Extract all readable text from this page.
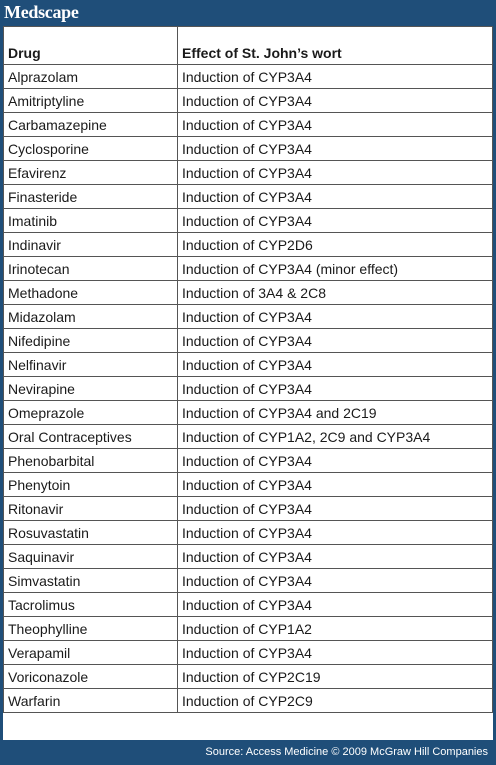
Medscape
Drug	Effect of St. John’s wort
Alprazolam	Induction of CYP3A4
Amitriptyline	Induction of CYP3A4
Carbamazepine	Induction of CYP3A4
Cyclosporine	Induction of CYP3A4
Efavirenz	Induction of CYP3A4
Finasteride	Induction of CYP3A4
Imatinib	Induction of CYP3A4
Indinavir	Induction of CYP2D6
Irinotecan	Induction of CYP3A4 (minor effect)
Methadone	Induction of 3A4 & 2C8
Midazolam	Induction of CYP3A4
Nifedipine	Induction of CYP3A4
Nelfinavir	Induction of CYP3A4
Nevirapine	Induction of CYP3A4
Omeprazole	Induction of CYP3A4 and 2C19
Oral Contraceptives	Induction of CYP1A2, 2C9 and CYP3A4
Phenobarbital	Induction of CYP3A4
Phenytoin	Induction of CYP3A4
Ritonavir	Induction of CYP3A4
Rosuvastatin	Induction of CYP3A4
Saquinavir	Induction of CYP3A4
Simvastatin	Induction of CYP3A4
Tacrolimus	Induction of CYP3A4
Theophylline	Induction of CYP1A2
Verapamil	Induction of CYP3A4
Voriconazole	Induction of CYP2C19
Warfarin	Induction of CYP2C9
Source: Access Medicine © 2009 McGraw Hill Companies
